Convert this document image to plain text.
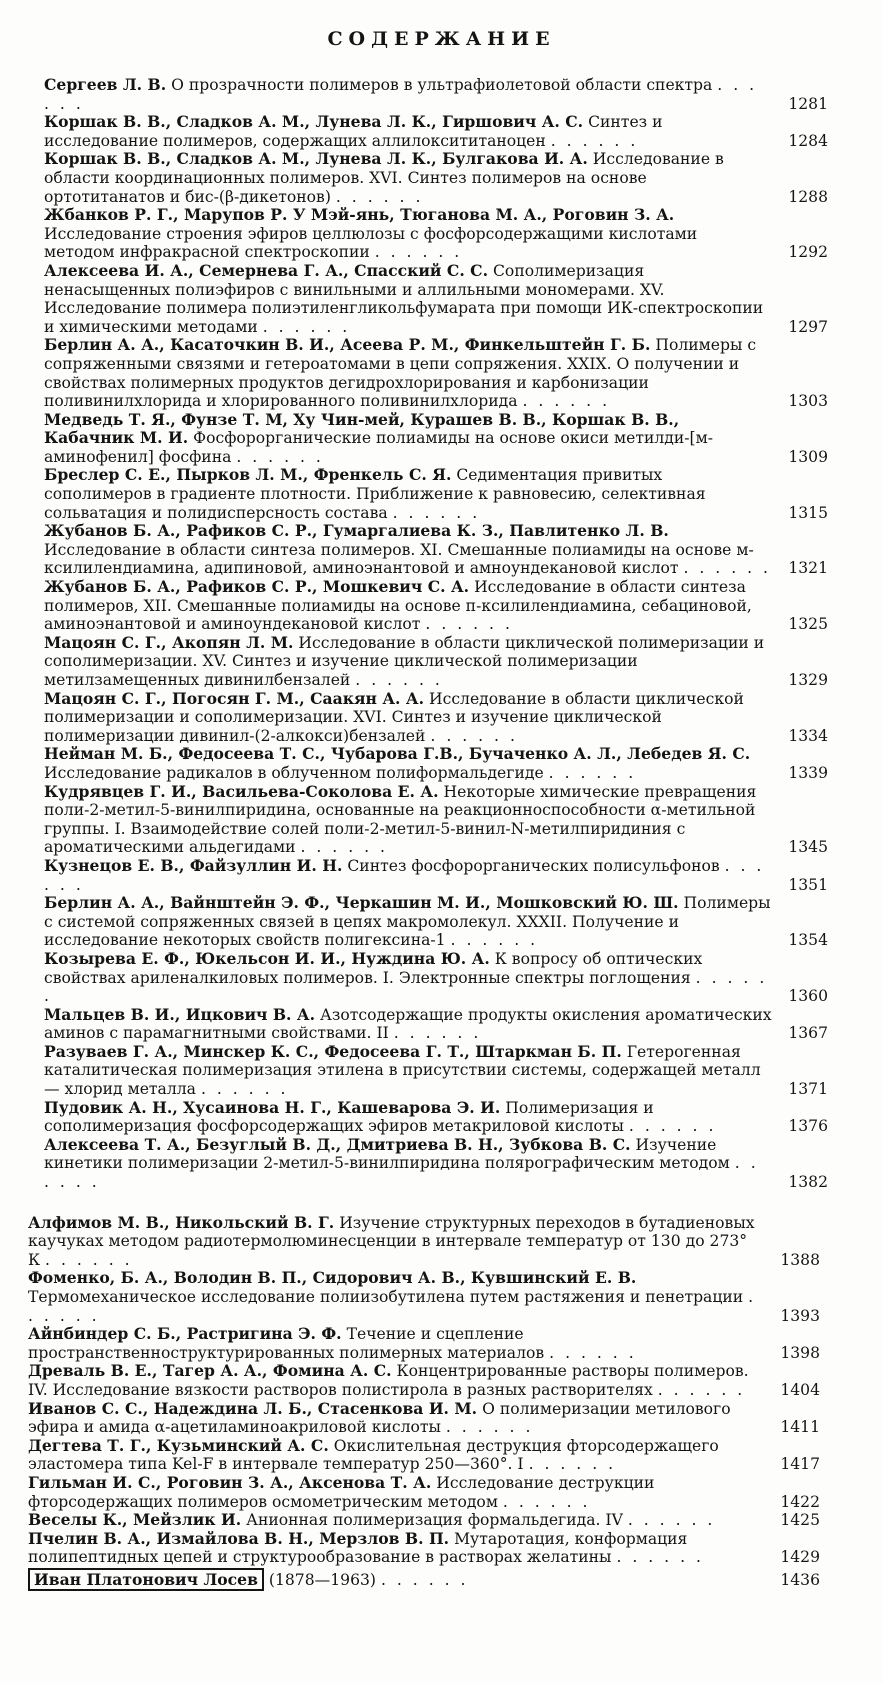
СОДЕРЖАНИЕ
Сергеев Л. В. О прозрачности полимеров в ультрафиолетовой области спектра . . . . . .	1281
Коршак В. В., Сладков А. М., Лунева Л. К., Гиршович А. С. Синтез и исследование полимеров, содержащих аллилоксититаноцен . . . . . .	1284
Коршак В. В., Сладков А. М., Лунева Л. К., Булгакова И. А. Исследование в области координационных полимеров. XVI. Синтез полимеров на основе ортотитанатов и бис-(β-дикетонов) . . . . . .	1288
Жбанков Р. Г., Марупов Р. У Мэй-янь, Тюганова М. А., Роговин З. А. Исследование строения эфиров целлюлозы с фосфорсодержащими кислотами методом инфракрасной спектроскопии . . . . . .	1292
Алексеева И. А., Семернева Г. А., Спасский С. С. Сополимеризация ненасыщенных полиэфиров с винильными и аллильными мономерами. XV. Исследование полимера полиэтиленгликольфумарата при помощи ИК-спектроскопии и химическими методами . . . . . .	1297
Берлин А. А., Касаточкин В. И., Асеева Р. М., Финкельштейн Г. Б. Полимеры с сопряженными связями и гетероатомами в цепи сопряжения. XXIX. О получении и свойствах полимерных продуктов дегидрохлорирования и карбонизации поливинилхлорида и хлорированного поливинилхлорида . . . . . .	1303
Медведь Т. Я., Фунзе Т. М, Ху Чин-мей, Курашев В. В., Коршак В. В., Кабачник М. И. Фосфорорганические полиамиды на основе окиси метилди-[м-аминофенил] фосфина . . . . . .	1309
Бреслер С. Е., Пырков Л. М., Френкель С. Я. Седиментация привитых сополимеров в градиенте плотности. Приближение к равновесию, селективная сольватация и полидисперсность состава . . . . . .	1315
Жубанов Б. А., Рафиков С. Р., Гумаргалиева К. З., Павлитенко Л. В. Исследование в области синтеза полимеров. XI. Смешанные полиамиды на основе м-ксилилендиамина, адипиновой, аминоэнантовой и амноундекановой кислот . . . . . .	1321
Жубанов Б. А., Рафиков С. Р., Мошкевич С. А. Исследование в области синтеза полимеров, XII. Смешанные полиамиды на основе п-ксилилендиамина, себациновой, аминоэнантовой и аминоундекановой кислот . . . . . .	1325
Мацоян С. Г., Акопян Л. М. Исследование в области циклической полимеризации и сополимеризации. XV. Синтез и изучение циклической полимеризации метилзамещенных дивинилбензалей . . . . . .	1329
Мацоян С. Г., Погосян Г. М., Саакян А. А. Исследование в области циклической полимеризации и сополимеризации. XVI. Синтез и изучение циклической полимеризации дивинил-(2-алкокси)бензалей . . . . . .	1334
Нейман М. Б., Федосеева Т. С., Чубарова Г.В., Бучаченко А. Л., Лебедев Я. С. Исследование радикалов в облученном полиформальдегиде . . . . . .	1339
Кудрявцев Г. И., Васильева-Соколова Е. А. Некоторые химические превращения поли-2-метил-5-винилпиридина, основанные на реакционноспособности α-метильной группы. I. Взаимодействие солей поли-2-метил-5-винил-N-метилпиридиния с ароматическими альдегидами . . . . . .	1345
Кузнецов Е. В., Файзуллин И. Н. Синтез фосфорорганических полисульфонов . . . . . .	1351
Берлин А. А., Вайнштейн Э. Ф., Черкашин М. И., Мошковский Ю. Ш. Полимеры с системой сопряженных связей в цепях макромолекул. XXXII. Получение и исследование некоторых свойств полигексина-1 . . . . . .	1354
Козырева Е. Ф., Юкельсон И. И., Нуждина Ю. А. К вопросу об оптических свойствах ариленалкиловых полимеров. I. Электронные спектры поглощения . . . . . .	1360
Мальцев В. И., Ицкович В. А. Азотсодержащие продукты окисления ароматических аминов с парамагнитными свойствами. II . . . . . .	1367
Разуваев Г. А., Минскер К. С., Федосеева Г. Т., Штаркман Б. П. Гетерогенная каталитическая полимеризация этилена в присутствии системы, содержащей металл — хлорид металла . . . . . .	1371
Пудовик А. Н., Хусаинова Н. Г., Кашеварова Э. И. Полимеризация и сополимеризация фосфорсодержащих эфиров метакриловой кислоты . . . . . .	1376
Алексеева Т. А., Безуглый В. Д., Дмитриева В. Н., Зубкова В. С. Изучение кинетики полимеризации 2-метил-5-винилпиридина полярографическим методом . . . . . .	1382
Алфимов М. В., Никольский В. Г. Изучение структурных переходов в бутадиеновых каучуках методом радиотермолюминесценции в интервале температур от 130 до 273° К . . . . . .	1388
Фоменко, Б. А., Володин В. П., Сидорович А. В., Кувшинский Е. В. Термомеханическое исследование полиизобутилена путем растяжения и пенетрации . . . . . .	1393
Айнбиндер С. Б., Растригина Э. Ф. Течение и сцепление пространственноструктурированных полимерных материалов . . . . . .	1398
Древаль В. Е., Тагер А. А., Фомина А. С. Концентрированные растворы полимеров. IV. Исследование вязкости растворов полистирола в разных растворителях . . . . . .	1404
Иванов С. С., Надеждина Л. Б., Стасенкова И. М. О полимеризации метилового эфира и амида α-ацетиламиноакриловой кислоты . . . . . .	1411
Дегтева Т. Г., Кузьминский А. С. Окислительная деструкция фторсодержащего эластомера типа Kel-F в интервале температур 250—360°. I . . . . . .	1417
Гильман И. С., Роговин З. А., Аксенова Т. А. Исследование деструкции фторсодержащих полимеров осмометрическим методом . . . . . .	1422
Веселы К., Мейзлик И. Анионная полимеризация формальдегида. IV . . . . . .	1425
Пчелин В. А., Измайлова В. Н., Мерзлов В. П. Мутаротация, конформация полипептидных цепей и структурообразование в растворах желатины . . . . . .	1429
Иван Платонович Лосев (1878—1963) . . . . . .	1436
